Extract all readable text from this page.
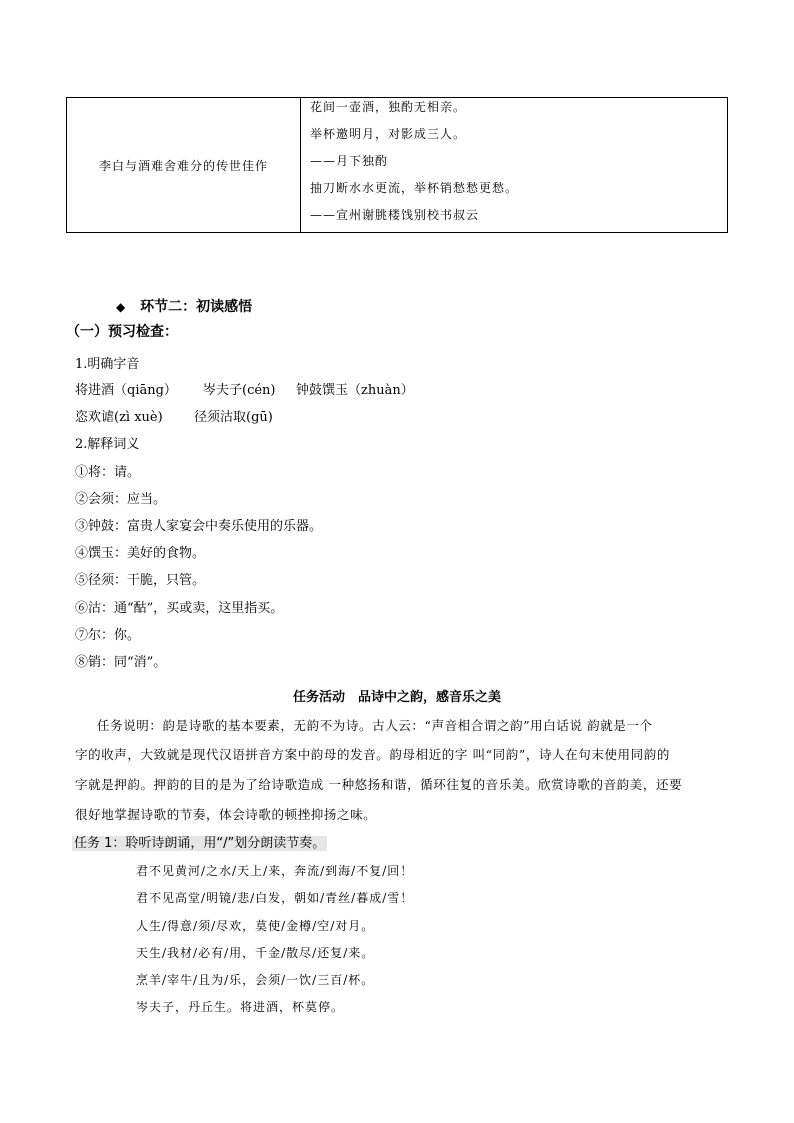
李白与酒难舍难分的传世佳作
花间一壶酒，独酌无相亲。
举杯邀明月，对影成三人。
——月下独酌
抽刀断水水更流，举杯销愁愁更愁。
——宣州谢朓楼饯别校书叔云
◆ 环节二：初读感悟
（一）预习检查：
1.明确字音
将进酒（qiāng） 岑夫子(cén) 钟鼓馔玉（zhuàn）
恣欢谑(zì xuè) 径须沽取(gū)
2.解释词义
①将：请。
②会须：应当。
③钟鼓：富贵人家宴会中奏乐使用的乐器。
④馔玉：美好的食物。
⑤径须：干脆，只管。
⑥沽：通“酤”，买或卖，这里指买。
⑦尔：你。
⑧销：同“消”。
任务活动　品诗中之韵，感音乐之美
任务说明：韵是诗歌的基本要素，无韵不为诗。古人云：“声音相合谓之韵”用白话说 韵就是一个
字的收声，大致就是现代汉语拼音方案中韵母的发音。韵母相近的字 叫“同韵”，诗人在句末使用同韵的
字就是押韵。押韵的目的是为了给诗歌造成 一种悠扬和谐，循环往复的音乐美。欣赏诗歌的音韵美，还要
很好地掌握诗歌的节奏，体会诗歌的顿挫抑扬之味。
任务 1：聆听诗朗诵，用“/”划分朗读节奏。
君不见黄河/之水/天上/来，奔流/到海/不复/回！
君不见高堂/明镜/悲/白发，朝如/青丝/暮成/雪！
人生/得意/须/尽欢，莫使/金樽/空/对月。
天生/我材/必有/用，千金/散尽/还复/来。
烹羊/宰牛/且为/乐，会须/一饮/三百/杯。
岑夫子，丹丘生。将进酒，杯莫停。
